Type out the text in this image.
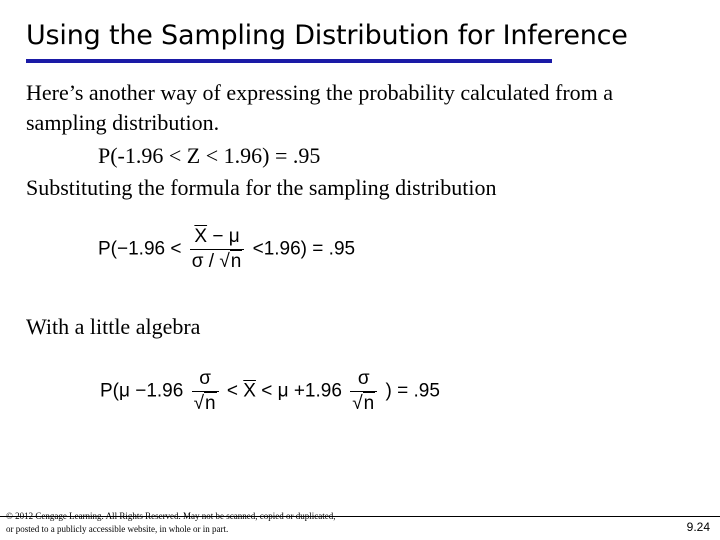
Using the Sampling Distribution for Inference
Here’s another way of expressing the probability calculated from a
sampling distribution.
P(-1.96 < Z < 1.96) = .95
Substituting the formula for the sampling distribution
$P(-1.96 < \frac{\overline{X} - \mu}{\sigma / √n} <1.96) = .95$
With a little algebra
$P(\mu -1.96 \frac{\sigma}{√n} < \overline{X} < \mu +1.96 \frac{\sigma}{√n}$ ) = .95
© 2012 Cengage Learning. All Rights Reserved. May not be scanned, copied or duplicated, or posted to a publicly accessible website, in whole or in part.	9.24
